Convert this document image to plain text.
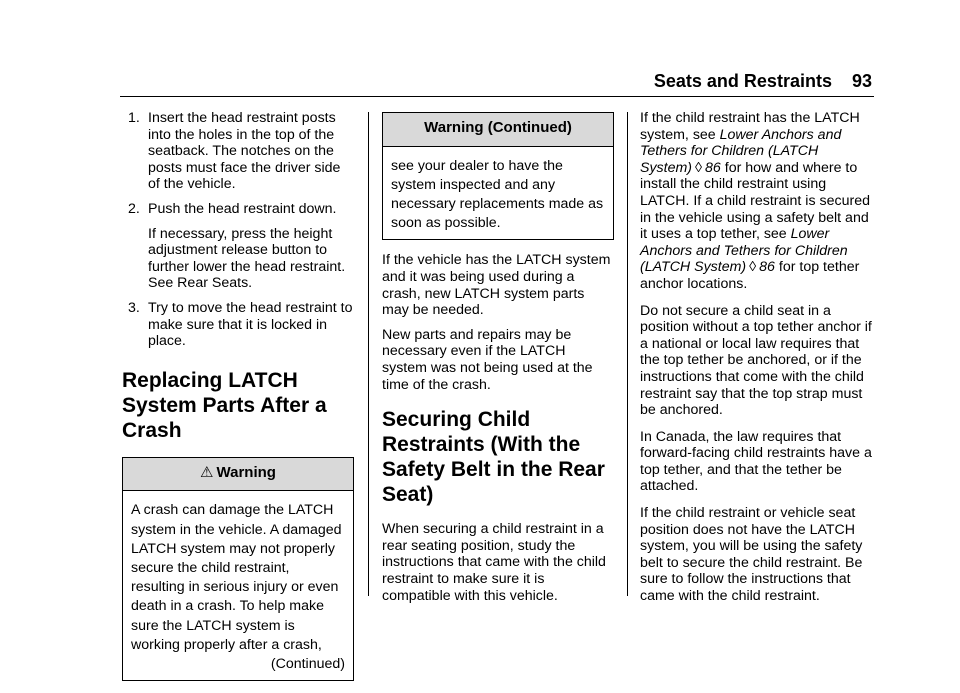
Seats and Restraints 93
1. Insert the head restraint posts into the holes in the top of the seatback. The notches on the posts must face the driver side of the vehicle.
2. Push the head restraint down.
If necessary, press the height adjustment release button to further lower the head restraint. See Rear Seats.
3. Try to move the head restraint to make sure that it is locked in place.
Replacing LATCH System Parts After a Crash
⚠ Warning
A crash can damage the LATCH system in the vehicle. A damaged LATCH system may not properly secure the child restraint, resulting in serious injury or even death in a crash. To help make sure the LATCH system is working properly after a crash,
(Continued)
Warning (Continued)
see your dealer to have the system inspected and any necessary replacements made as soon as possible.

If the vehicle has the LATCH system and it was being used during a crash, new LATCH system parts may be needed.

New parts and repairs may be necessary even if the LATCH system was not being used at the time of the crash.

Securing Child Restraints (With the Safety Belt in the Rear Seat)

When securing a child restraint in a rear seating position, study the instructions that came with the child restraint to make sure it is compatible with this vehicle.

If the child restraint has the LATCH system, see Lower Anchors and Tethers for Children (LATCH System) ◊ 86 for how and where to install the child restraint using LATCH. If a child restraint is secured in the vehicle using a safety belt and it uses a top tether, see Lower Anchors and Tethers for Children (LATCH System) ◊ 86 for top tether anchor locations.

Do not secure a child seat in a position without a top tether anchor if a national or local law requires that the top tether be anchored, or if the instructions that come with the child restraint say that the top strap must be anchored.

In Canada, the law requires that forward-facing child restraints have a top tether, and that the tether be attached.

If the child restraint or vehicle seat position does not have the LATCH system, you will be using the safety belt to secure the child restraint. Be sure to follow the instructions that came with the child restraint.
